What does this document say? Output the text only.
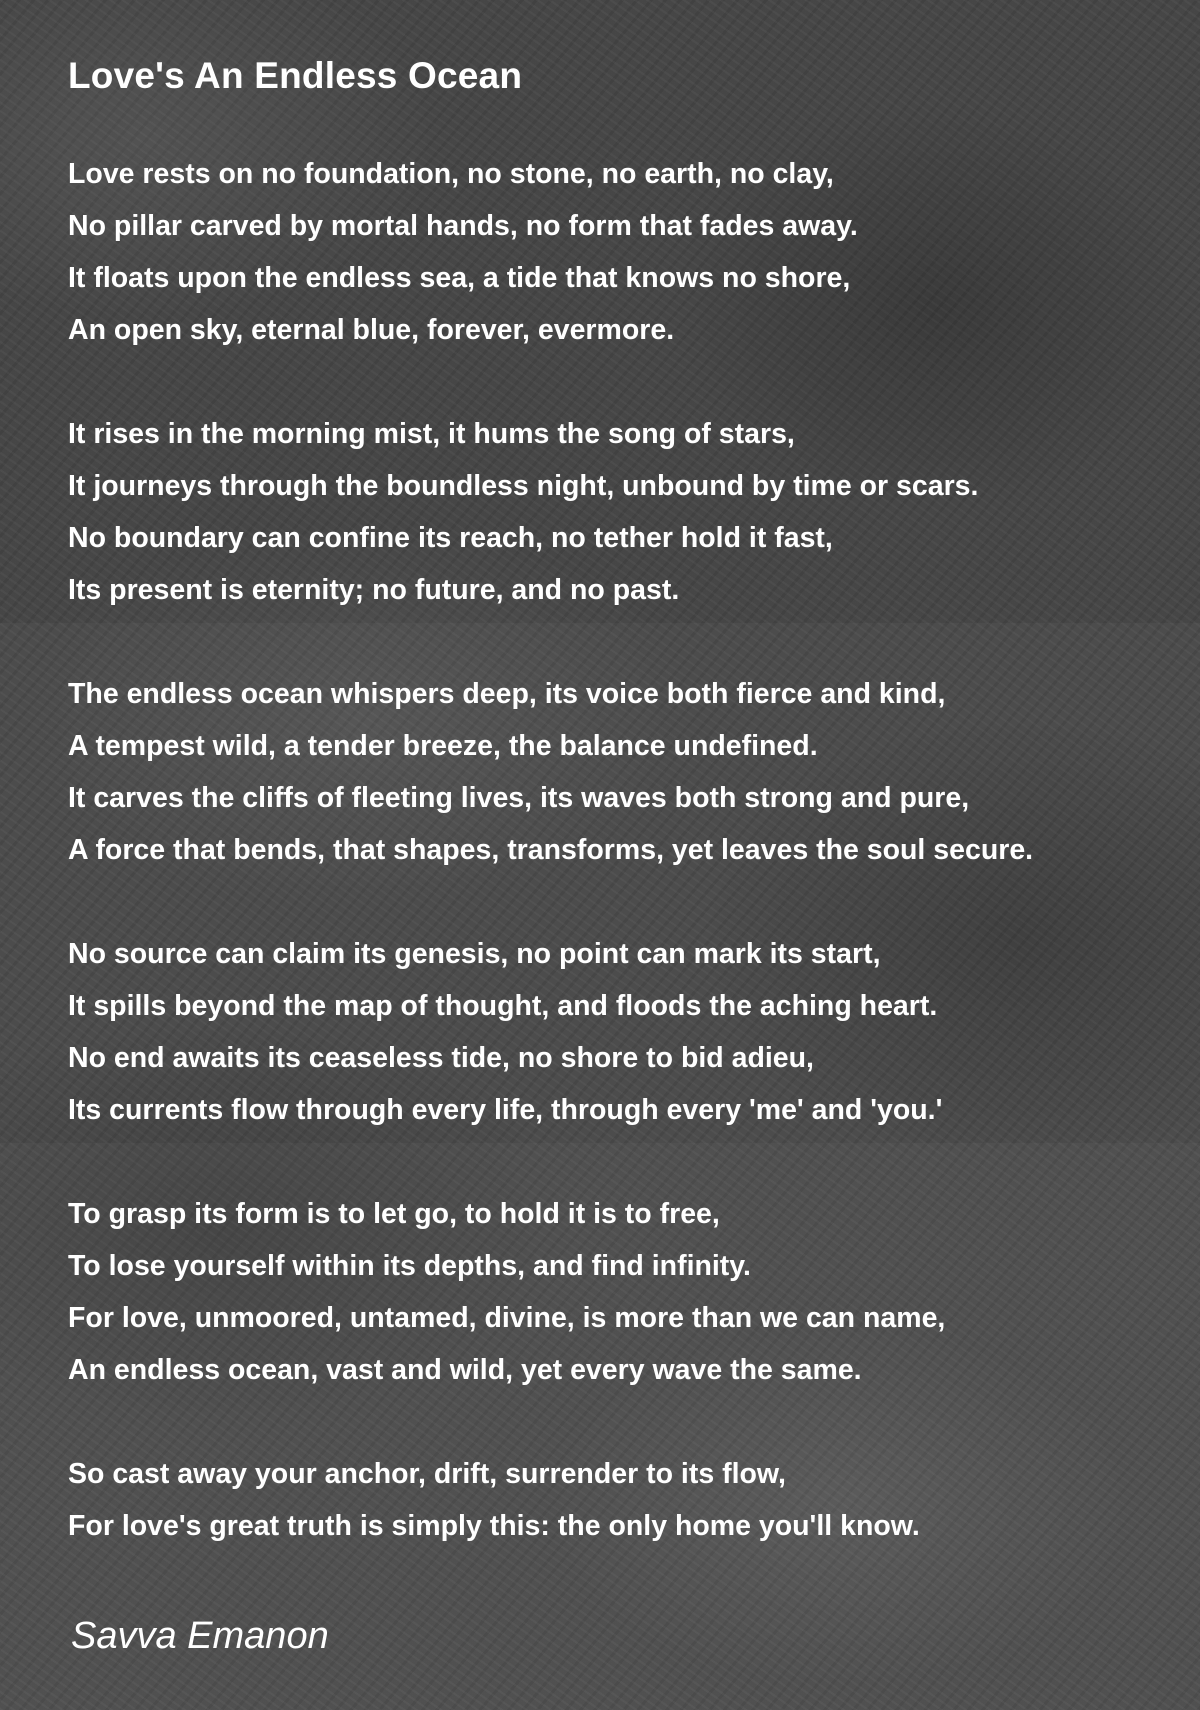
Love's An Endless Ocean
Love rests on no foundation, no stone, no earth, no clay,
No pillar carved by mortal hands, no form that fades away.
It floats upon the endless sea, a tide that knows no shore,
An open sky, eternal blue, forever, evermore.
It rises in the morning mist, it hums the song of stars,
It journeys through the boundless night, unbound by time or scars.
No boundary can confine its reach, no tether hold it fast,
Its present is eternity; no future, and no past.
The endless ocean whispers deep, its voice both fierce and kind,
A tempest wild, a tender breeze, the balance undefined.
It carves the cliffs of fleeting lives, its waves both strong and pure,
A force that bends, that shapes, transforms, yet leaves the soul secure.
No source can claim its genesis, no point can mark its start,
It spills beyond the map of thought, and floods the aching heart.
No end awaits its ceaseless tide, no shore to bid adieu,
Its currents flow through every life, through every 'me' and 'you.'
To grasp its form is to let go, to hold it is to free,
To lose yourself within its depths, and find infinity.
For love, unmoored, untamed, divine, is more than we can name,
An endless ocean, vast and wild, yet every wave the same.
So cast away your anchor, drift, surrender to its flow,
For love's great truth is simply this: the only home you'll know.
Savva Emanon
